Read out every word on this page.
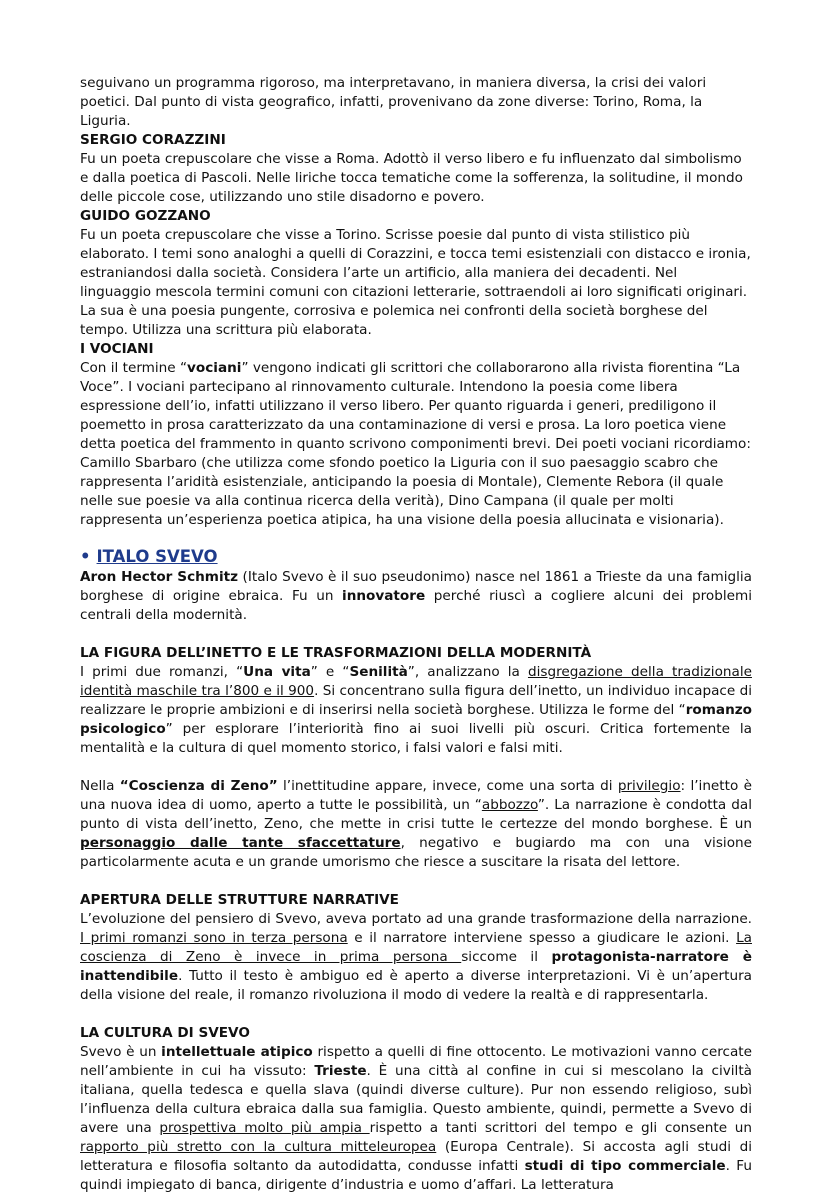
seguivano un programma rigoroso, ma interpretavano, in maniera diversa, la crisi dei valori poetici. Dal punto di vista geografico, infatti, provenivano da zone diverse: Torino, Roma, la Liguria.

SERGIO CORAZZINI

Fu un poeta crepuscolare che visse a Roma. Adottò il verso libero e fu influenzato dal simbolismo e dalla poetica di Pascoli. Nelle liriche tocca tematiche come la sofferenza, la solitudine, il mondo delle piccole cose, utilizzando uno stile disadorno e povero.

GUIDO GOZZANO

Fu un poeta crepuscolare che visse a Torino. Scrisse poesie dal punto di vista stilistico più elaborato. I temi sono analoghi a quelli di Corazzini, e tocca temi esistenziali con distacco e ironia, estraniandosi dalla società. Considera l’arte un artificio, alla maniera dei decadenti. Nel linguaggio mescola termini comuni con citazioni letterarie, sottraendoli ai loro significati originari. La sua è una poesia pungente, corrosiva e polemica nei confronti della società borghese del tempo. Utilizza una scrittura più elaborata.

I VOCIANI

Con il termine “vociani” vengono indicati gli scrittori che collaborarono alla rivista fiorentina “La Voce”. I vociani partecipano al rinnovamento culturale. Intendono la poesia come libera espressione dell’io, infatti utilizzano il verso libero. Per quanto riguarda i generi, prediligono il poemetto in prosa caratterizzato da una contaminazione di versi e prosa. La loro poetica viene detta poetica del frammento in quanto scrivono componimenti brevi. Dei poeti vociani ricordiamo: Camillo Sbarbaro (che utilizza come sfondo poetico la Liguria con il suo paesaggio scabro che rappresenta l’aridità esistenziale, anticipando la poesia di Montale), Clemente Rebora (il quale nelle sue poesie va alla continua ricerca della verità), Dino Campana (il quale per molti rappresenta un’esperienza poetica atipica, ha una visione della poesia allucinata e visionaria).

• ITALO SVEVO

Aron Hector Schmitz (Italo Svevo è il suo pseudonimo) nasce nel 1861 a Trieste da una famiglia borghese di origine ebraica. Fu un innovatore perché riuscì a cogliere alcuni dei problemi centrali della modernità.

LA FIGURA DELL’INETTO E LE TRASFORMAZIONI DELLA MODERNITÀ

I primi due romanzi, “Una vita” e “Senilità”, analizzano la disgregazione della tradizionale identità maschile tra l’800 e il 900. Si concentrano sulla figura dell’inetto, un individuo incapace di realizzare le proprie ambizioni e di inserirsi nella società borghese. Utilizza le forme del “romanzo psicologico” per esplorare l’interiorità fino ai suoi livelli più oscuri. Critica fortemente la mentalità e la cultura di quel momento storico, i falsi valori e falsi miti.

Nella “Coscienza di Zeno” l’inettitudine appare, invece, come una sorta di privilegio: l’inetto è una nuova idea di uomo, aperto a tutte le possibilità, un “abbozzo”. La narrazione è condotta dal punto di vista dell’inetto, Zeno, che mette in crisi tutte le certezze del mondo borghese. È un personaggio dalle tante sfaccettature, negativo e bugiardo ma con una visione particolarmente acuta e un grande umorismo che riesce a suscitare la risata del lettore.

APERTURA DELLE STRUTTURE NARRATIVE

L’evoluzione del pensiero di Svevo, aveva portato ad una grande trasformazione della narrazione. I primi romanzi sono in terza persona e il narratore interviene spesso a giudicare le azioni. La coscienza di Zeno è invece in prima persona siccome il protagonista-narratore è inattendibile. Tutto il testo è ambiguo ed è aperto a diverse interpretazioni. Vi è un’apertura della visione del reale, il romanzo rivoluziona il modo di vedere la realtà e di rappresentarla.

LA CULTURA DI SVEVO

Svevo è un intellettuale atipico rispetto a quelli di fine ottocento. Le motivazioni vanno cercate nell’ambiente in cui ha vissuto: Trieste. È una città al confine in cui si mescolano la civiltà italiana, quella tedesca e quella slava (quindi diverse culture). Pur non essendo religioso, subì l’influenza della cultura ebraica dalla sua famiglia. Questo ambiente, quindi, permette a Svevo di avere una prospettiva molto più ampia rispetto a tanti scrittori del tempo e gli consente un rapporto più stretto con la cultura mitteleuropea (Europa Centrale). Si accosta agli studi di letteratura e filosofia soltanto da autodidatta, condusse infatti studi di tipo commerciale. Fu quindi impiegato di banca, dirigente d’industria e uomo d’affari. La letteratura
